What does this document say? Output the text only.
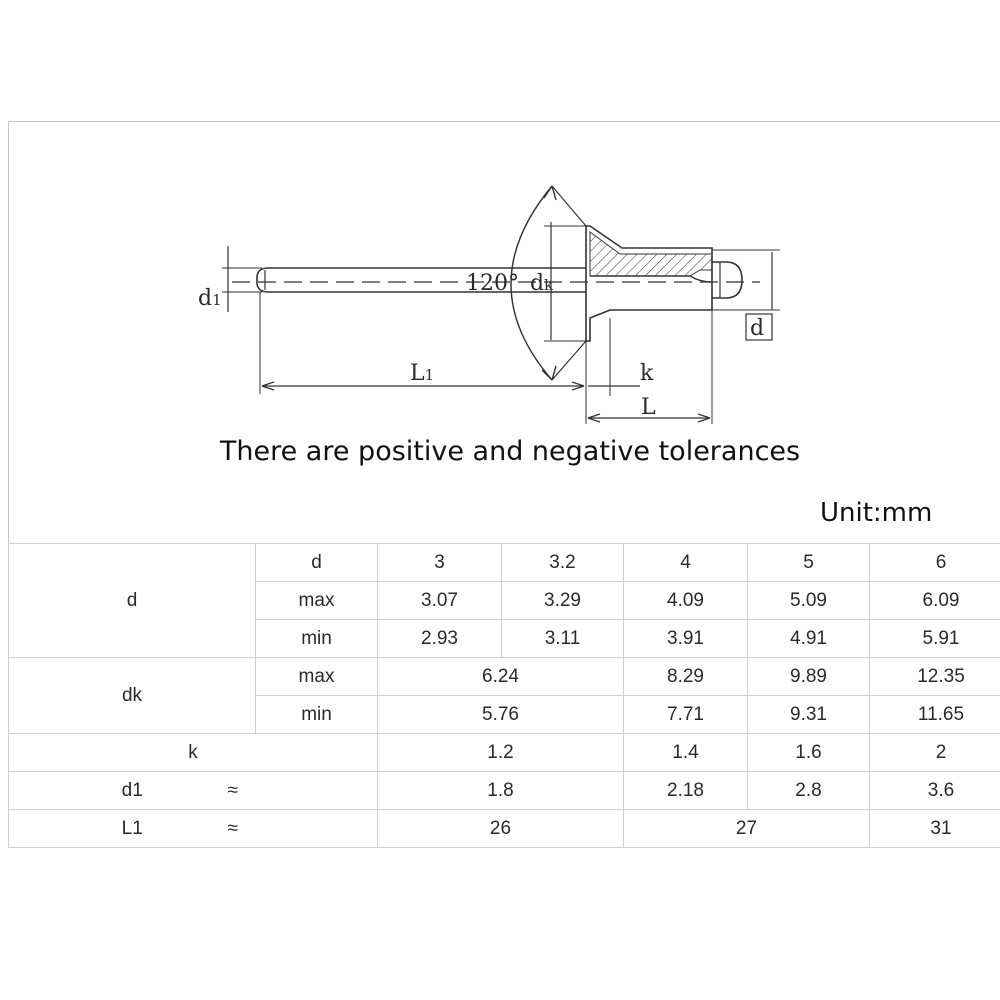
d1
120° dk
d
L1	k
L
There are positive and negative tolerances
Unit:mm
d	d	3	3.2	4	5	6
	max	3.07	3.29	4.09	5.09	6.09
	min	2.93	3.11	3.91	4.91	5.91
dk	max	6.24		8.29	9.89	12.35
	min	5.76		7.71	9.31	11.65
k		1.2		1.4	1.6	2
d1	≈	1.8		2.18	2.8	3.6
L1	≈	26		27		31
